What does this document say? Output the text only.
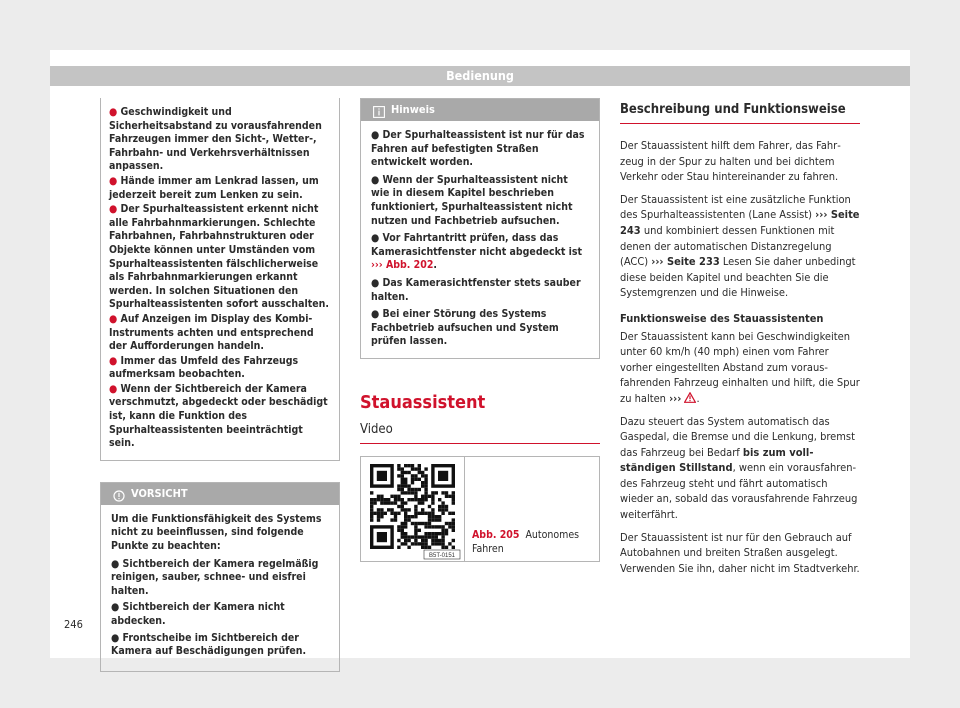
Bedienung
● Geschwindigkeit und Sicherheitsabstand zu vorausfahrenden Fahrzeugen immer den Sicht-, Wetter-, Fahrbahn- und Verkehrsverhältnissen anpassen.
● Hände immer am Lenkrad lassen, um jederzeit bereit zum Lenken zu sein.
● Der Spurhalteassistent erkennt nicht alle Fahrbahnmarkierungen. Schlechte Fahrbahnen, Fahrbahnstrukturen oder Objekte können unter Umständen vom Spurhalteassistenten fälschlicherweise als Fahrbahnmarkierungen erkannt werden. In solchen Situationen den Spurhalteassistenten sofort ausschalten.
● Auf Anzeigen im Display des Kombi-Instruments achten und entsprechend der Aufforderungen handeln.
● Immer das Umfeld des Fahrzeugs aufmerksam beobachten.
● Wenn der Sichtbereich der Kamera verschmutzt, abgedeckt oder beschädigt ist, kann die Funktion des Spurhalteassistenten beeinträchtigt sein.
VORSICHT

Um die Funktionsfähigkeit des Systems nicht zu beeinflussen, sind folgende Punkte zu beachten:

● Sichtbereich der Kamera regelmäßig reinigen, sauber, schnee- und eisfrei halten.
● Sichtbereich der Kamera nicht abdecken.
● Frontscheibe im Sichtbereich der Kamera auf Beschädigungen prüfen.
Hinweis
● Der Spurhalteassistent ist nur für das Fahren auf befestigten Straßen entwickelt worden.
● Wenn der Spurhalteassistent nicht wie in diesem Kapitel beschrieben funktioniert, Spurhalteassistent nicht nutzen und Fachbetrieb aufsuchen.
● Vor Fahrtantritt prüfen, dass das Kamerasichtfenster nicht abgedeckt ist ››› Abb. 202.
● Das Kamerasichtfenster stets sauber halten.
● Bei einer Störung des Systems Fachbetrieb aufsuchen und System prüfen lassen.
Stauassistent
Video
B5T-0151
Abb. 205 Autonomes Fahren
Beschreibung und Funktionsweise

Der Stauassistent hilft dem Fahrer, das Fahrzeug in der Spur zu halten und bei dichtem Verkehr oder Stau hintereinander zu fahren.

Der Stauassistent ist eine zusätzliche Funktion des Spurhalteassistenten (Lane Assist) ››› Seite 243 und kombiniert dessen Funktionen mit denen der automatischen Distanzregelung (ACC) ››› Seite 233 Lesen Sie daher unbedingt diese beiden Kapitel und beachten Sie die Systemgrenzen und die Hinweise.

Funktionsweise des Stauassistenten

Der Stauassistent kann bei Geschwindigkeiten unter 60 km/h (40 mph) einen vom Fahrer vorher eingestellten Abstand zum vorausfahrenden Fahrzeug einhalten und hilft, die Spur zu halten ››› .

Dazu steuert das System automatisch das Gaspedal, die Bremse und die Lenkung, bremst das Fahrzeug bei Bedarf bis zum vollständigen Stillstand, wenn ein vorausfahrendes Fahrzeug steht und fährt automatisch wieder an, sobald das vorausfahrende Fahrzeug weiterfährt.

Der Stauassistent ist nur für den Gebrauch auf Autobahnen und breiten Straßen ausgelegt. Verwenden Sie ihn, daher nicht im Stadtverkehr.

246
